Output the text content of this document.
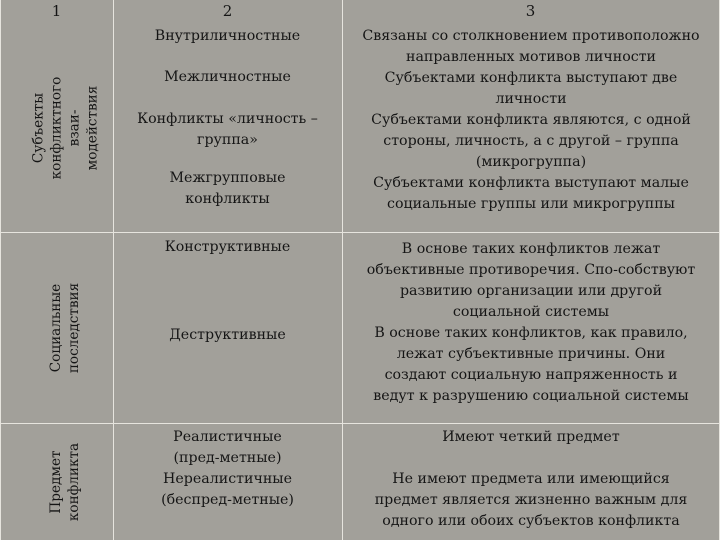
1	2	3
Субъекты конфликтного
взаи-модействия
Внутриличностные
Межличностные
Конфликты «личность –
группа»
Межгрупповые
конфликты
Связаны со столкновением противоположно
направленных мотивов личности
Субъектами конфликта выступают две
личности
Субъектами конфликта являются, с одной
стороны, личность, а с другой – группа
(микрогруппа)
Субъектами конфликта выступают малые
социальные группы или микрогруппы
Социальные
последствия
Конструктивные
Деструктивные
В основе таких конфликтов лежат
объективные противоречия. Спо-собствуют
развитию организации или другой
социальной системы
В основе таких конфликтов, как правило,
лежат субъективные причины. Они
создают социальную напряженность и
ведут к разрушению социальной системы
Предмет
конфликта
Реалистичные
(пред-метные)
Нереалистичные
(беспред-метные)
Имеют четкий предмет
Не имеют предмета или имеющийся
предмет является жизненно важным для
одного или обоих субъектов конфликта
